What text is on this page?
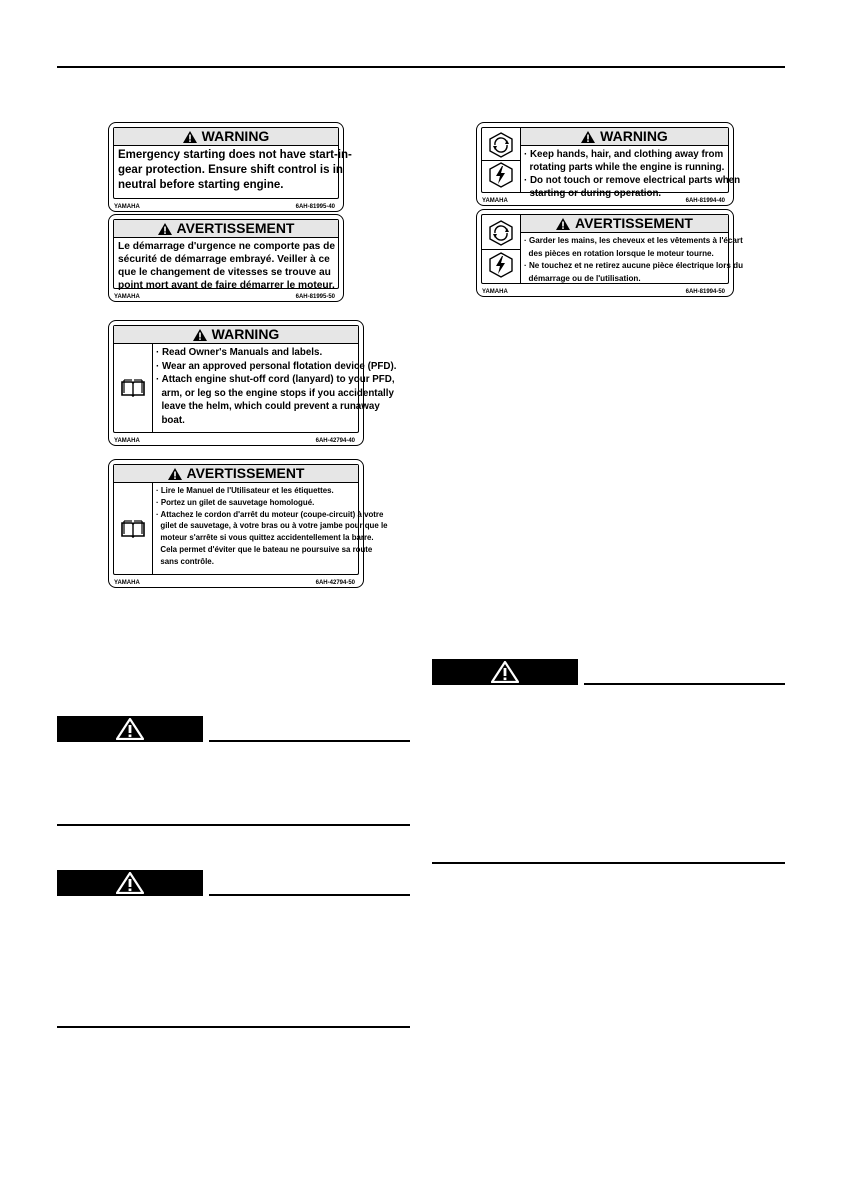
WARNING
Emergency starting does not have start-in-
gear protection. Ensure shift control is in
neutral before starting engine.
YAMAHA	6AH-81995-40
AVERTISSEMENT
Le démarrage d'urgence ne comporte pas de
sécurité de démarrage embrayé. Veiller à ce
que le changement de vitesses se trouve au
point mort avant de faire démarrer le moteur.
YAMAHA	6AH-81995-50
WARNING
· Read Owner's Manuals and labels.
· Wear an approved personal flotation device (PFD).
· Attach engine shut-off cord (lanyard) to your PFD,
arm, or leg so the engine stops if you accidentally
leave the helm, which could prevent a runaway
boat.
YAMAHA	6AH-42794-40
AVERTISSEMENT
· Lire le Manuel de l'Utilisateur et les étiquettes.
· Portez un gilet de sauvetage homologué.
· Attachez le cordon d'arrêt du moteur (coupe-circuit) à votre
gilet de sauvetage, à votre bras ou à votre jambe pour que le
moteur s'arrête si vous quittez accidentellement la barre.
Cela permet d'éviter que le bateau ne poursuive sa route
sans contrôle.
YAMAHA	6AH-42794-50
WARNING
· Keep hands, hair, and clothing away from
rotating parts while the engine is running.
· Do not touch or remove electrical parts when
starting or during operation.
YAMAHA	6AH-81994-40
AVERTISSEMENT
· Garder les mains, les cheveux et les vêtements à l'écart
des pièces en rotation lorsque le moteur tourne.
· Ne touchez et ne retirez aucune pièce électrique lors du
démarrage ou de l'utilisation.
YAMAHA	6AH-81994-50
